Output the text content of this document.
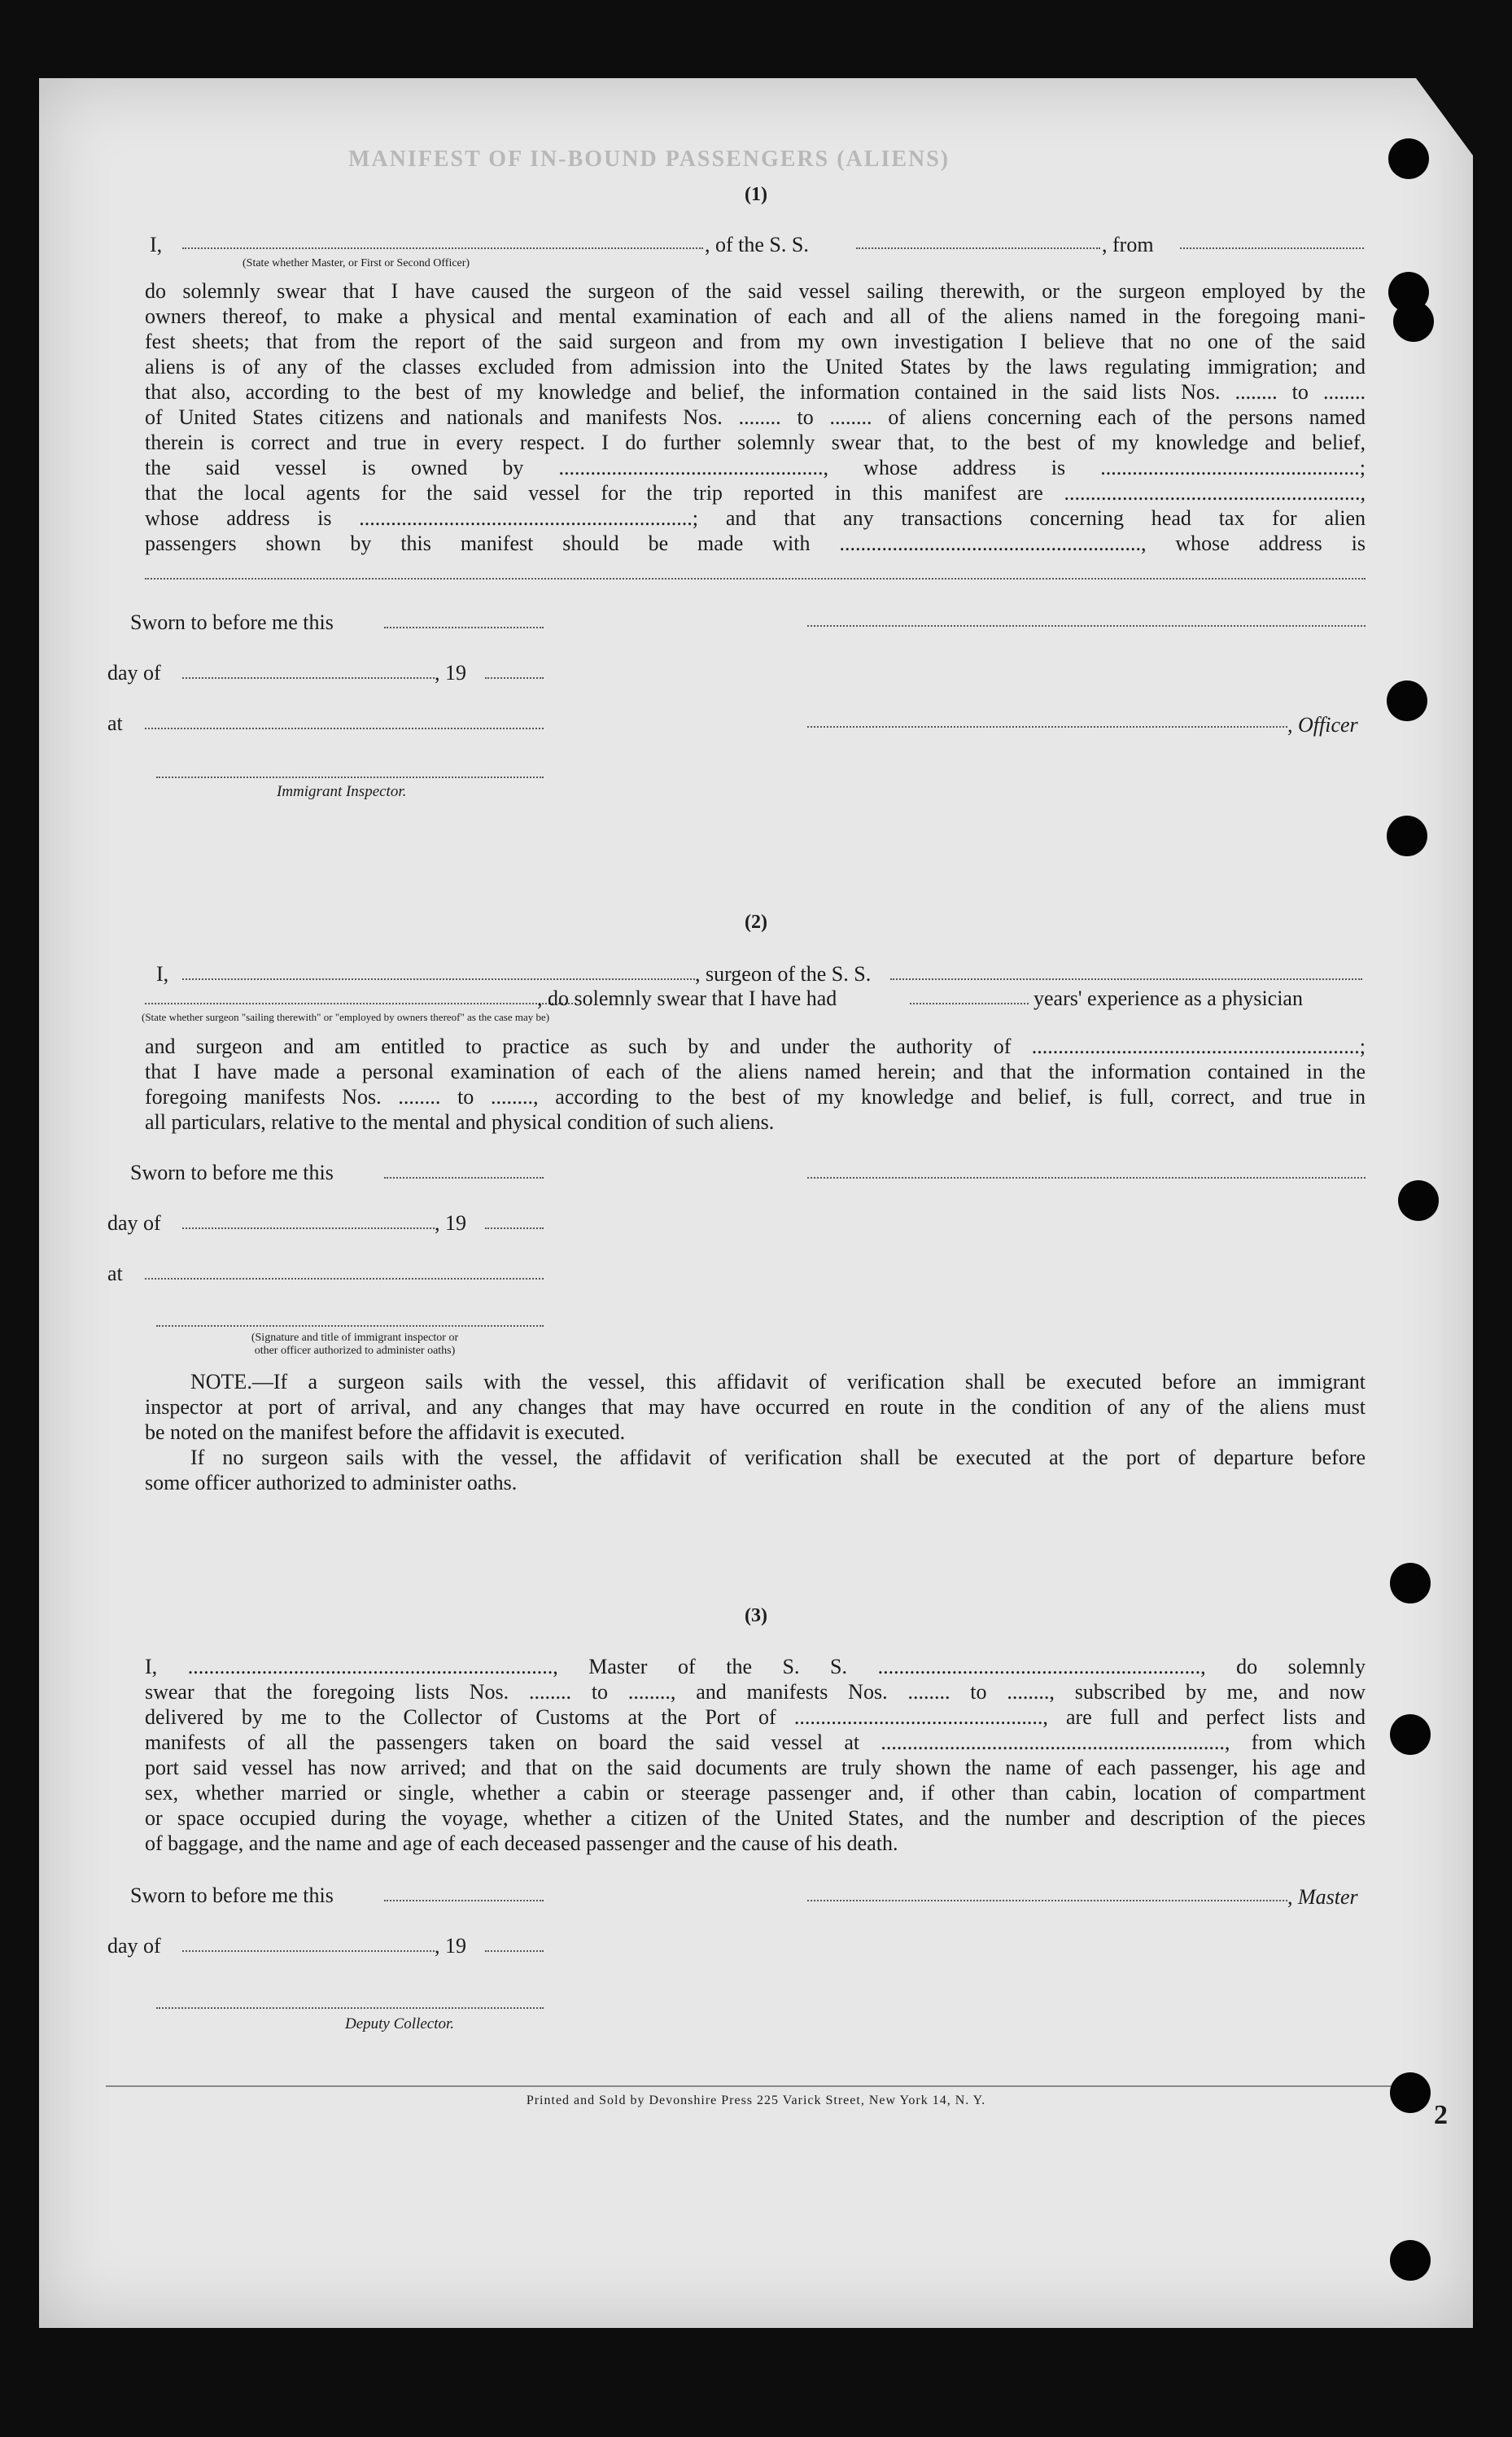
MANIFEST OF IN-BOUND PASSENGERS (ALIENS)
(1)
I,	, of the S. S.	, from
(State whether Master, or First or Second Officer)
do solemnly swear that I have caused the surgeon of the said vessel sailing therewith, or the surgeon employed by the
owners thereof, to make a physical and mental examination of each and all of the aliens named in the foregoing mani-
fest sheets; that from the report of the said surgeon and from my own investigation I believe that no one of the said
aliens is of any of the classes excluded from admission into the United States by the laws regulating immigration; and
that also, according to the best of my knowledge and belief, the information contained in the said lists Nos. ........ to ........
of United States citizens and nationals and manifests Nos. ........ to ........ of aliens concerning each of the persons named
therein is correct and true in every respect. I do further solemnly swear that, to the best of my knowledge and belief,
the said vessel is owned by .................................................., whose address is .................................................;
that the local agents for the said vessel for the trip reported in this manifest are ........................................................,
whose address is ...............................................................; and that any transactions concerning head tax for alien
passengers shown by this manifest should be made with ........................................................., whose address is
Sworn to before me this
day of	, 19
at	, Officer
Immigrant Inspector.
(2)
I,	, surgeon of the S. S.
, do solemnly swear that I have had	years' experience as a physician
(State whether surgeon "sailing therewith" or "employed by owners thereof" as the case may be)
and surgeon and am entitled to practice as such by and under the authority of ..............................................................;
that I have made a personal examination of each of the aliens named herein; and that the information contained in the
foregoing manifests Nos. ........ to ........, according to the best of my knowledge and belief, is full, correct, and true in
all particulars, relative to the mental and physical condition of such aliens.
Sworn to before me this
day of	, 19
at
(Signature and title of immigrant inspector or
other officer authorized to administer oaths)
NOTE.—If a surgeon sails with the vessel, this affidavit of verification shall be executed before an immigrant
inspector at port of arrival, and any changes that may have occurred en route in the condition of any of the aliens must
be noted on the manifest before the affidavit is executed.
If no surgeon sails with the vessel, the affidavit of verification shall be executed at the port of departure before
some officer authorized to administer oaths.
(3)
I, ....................................................................., Master of the S. S. ............................................................., do solemnly
swear that the foregoing lists Nos. ........ to ........, and manifests Nos. ........ to ........, subscribed by me, and now
delivered by me to the Collector of Customs at the Port of ..............................................., are full and perfect lists and
manifests of all the passengers taken on board the said vessel at ................................................................., from which
port said vessel has now arrived; and that on the said documents are truly shown the name of each passenger, his age and
sex, whether married or single, whether a cabin or steerage passenger and, if other than cabin, location of compartment
or space occupied during the voyage, whether a citizen of the United States, and the number and description of the pieces
of baggage, and the name and age of each deceased passenger and the cause of his death.
Sworn to before me this	, Master
day of	, 19
Deputy Collector.
Printed and Sold by Devonshire Press 225 Varick Street, New York 14, N. Y.	2
